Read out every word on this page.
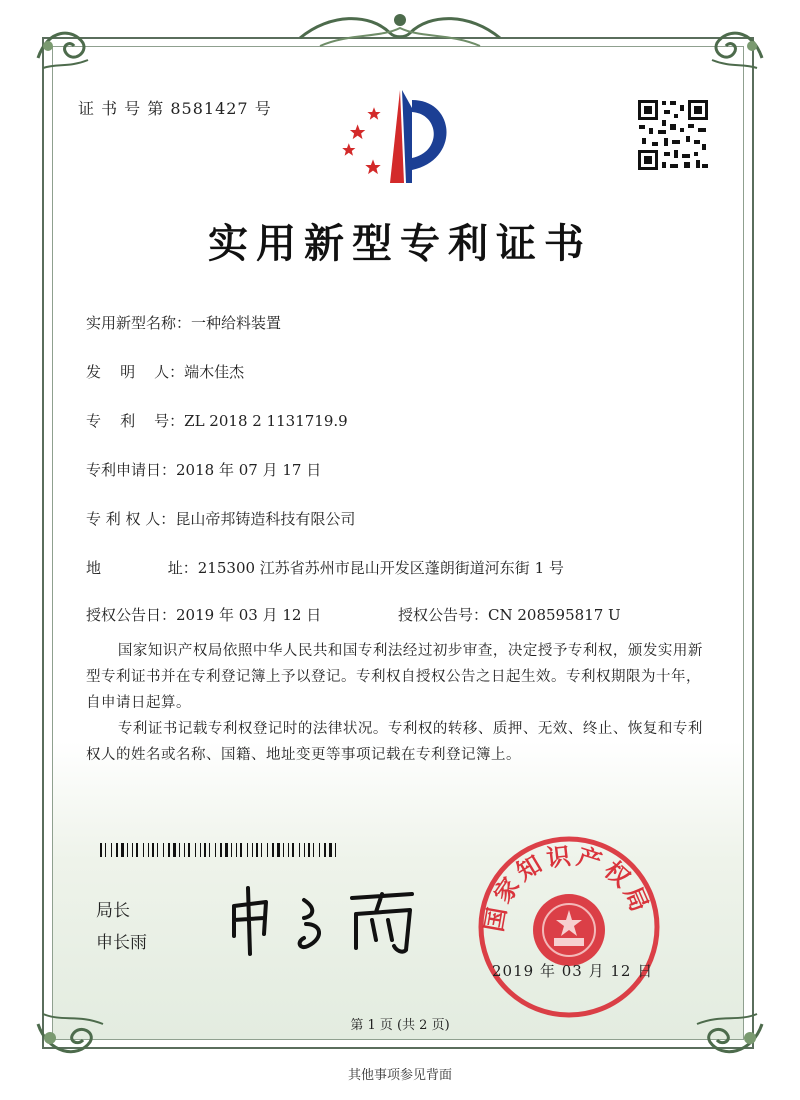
证 书 号 第 8581427 号
实用新型专利证书
实用新型名称：一种给料装置
发    明    人：端木佳杰
专    利    号：ZL 2018 2 1131719.9
专利申请日：2018 年 07 月 17 日
专 利 权 人：昆山帝邦铸造科技有限公司
地              址：215300 江苏省苏州市昆山开发区蓬朗街道河东街 1 号
授权公告日：2019 年 03 月 12 日	授权公告号：CN 208595817 U

国家知识产权局依照中华人民共和国专利法经过初步审查，决定授予专利权，颁发实用新型专利证书并在专利登记簿上予以登记。专利权自授权公告之日起生效。专利权期限为十年，自申请日起算。

专利证书记载专利权登记时的法律状况。专利权的转移、质押、无效、终止、恢复和专利权人的姓名或名称、国籍、地址变更等事项记载在专利登记簿上。

局长
申长雨
国家知识产权局
2019 年 03 月 12 日
第 1 页 (共 2 页)
其他事项参见背面
